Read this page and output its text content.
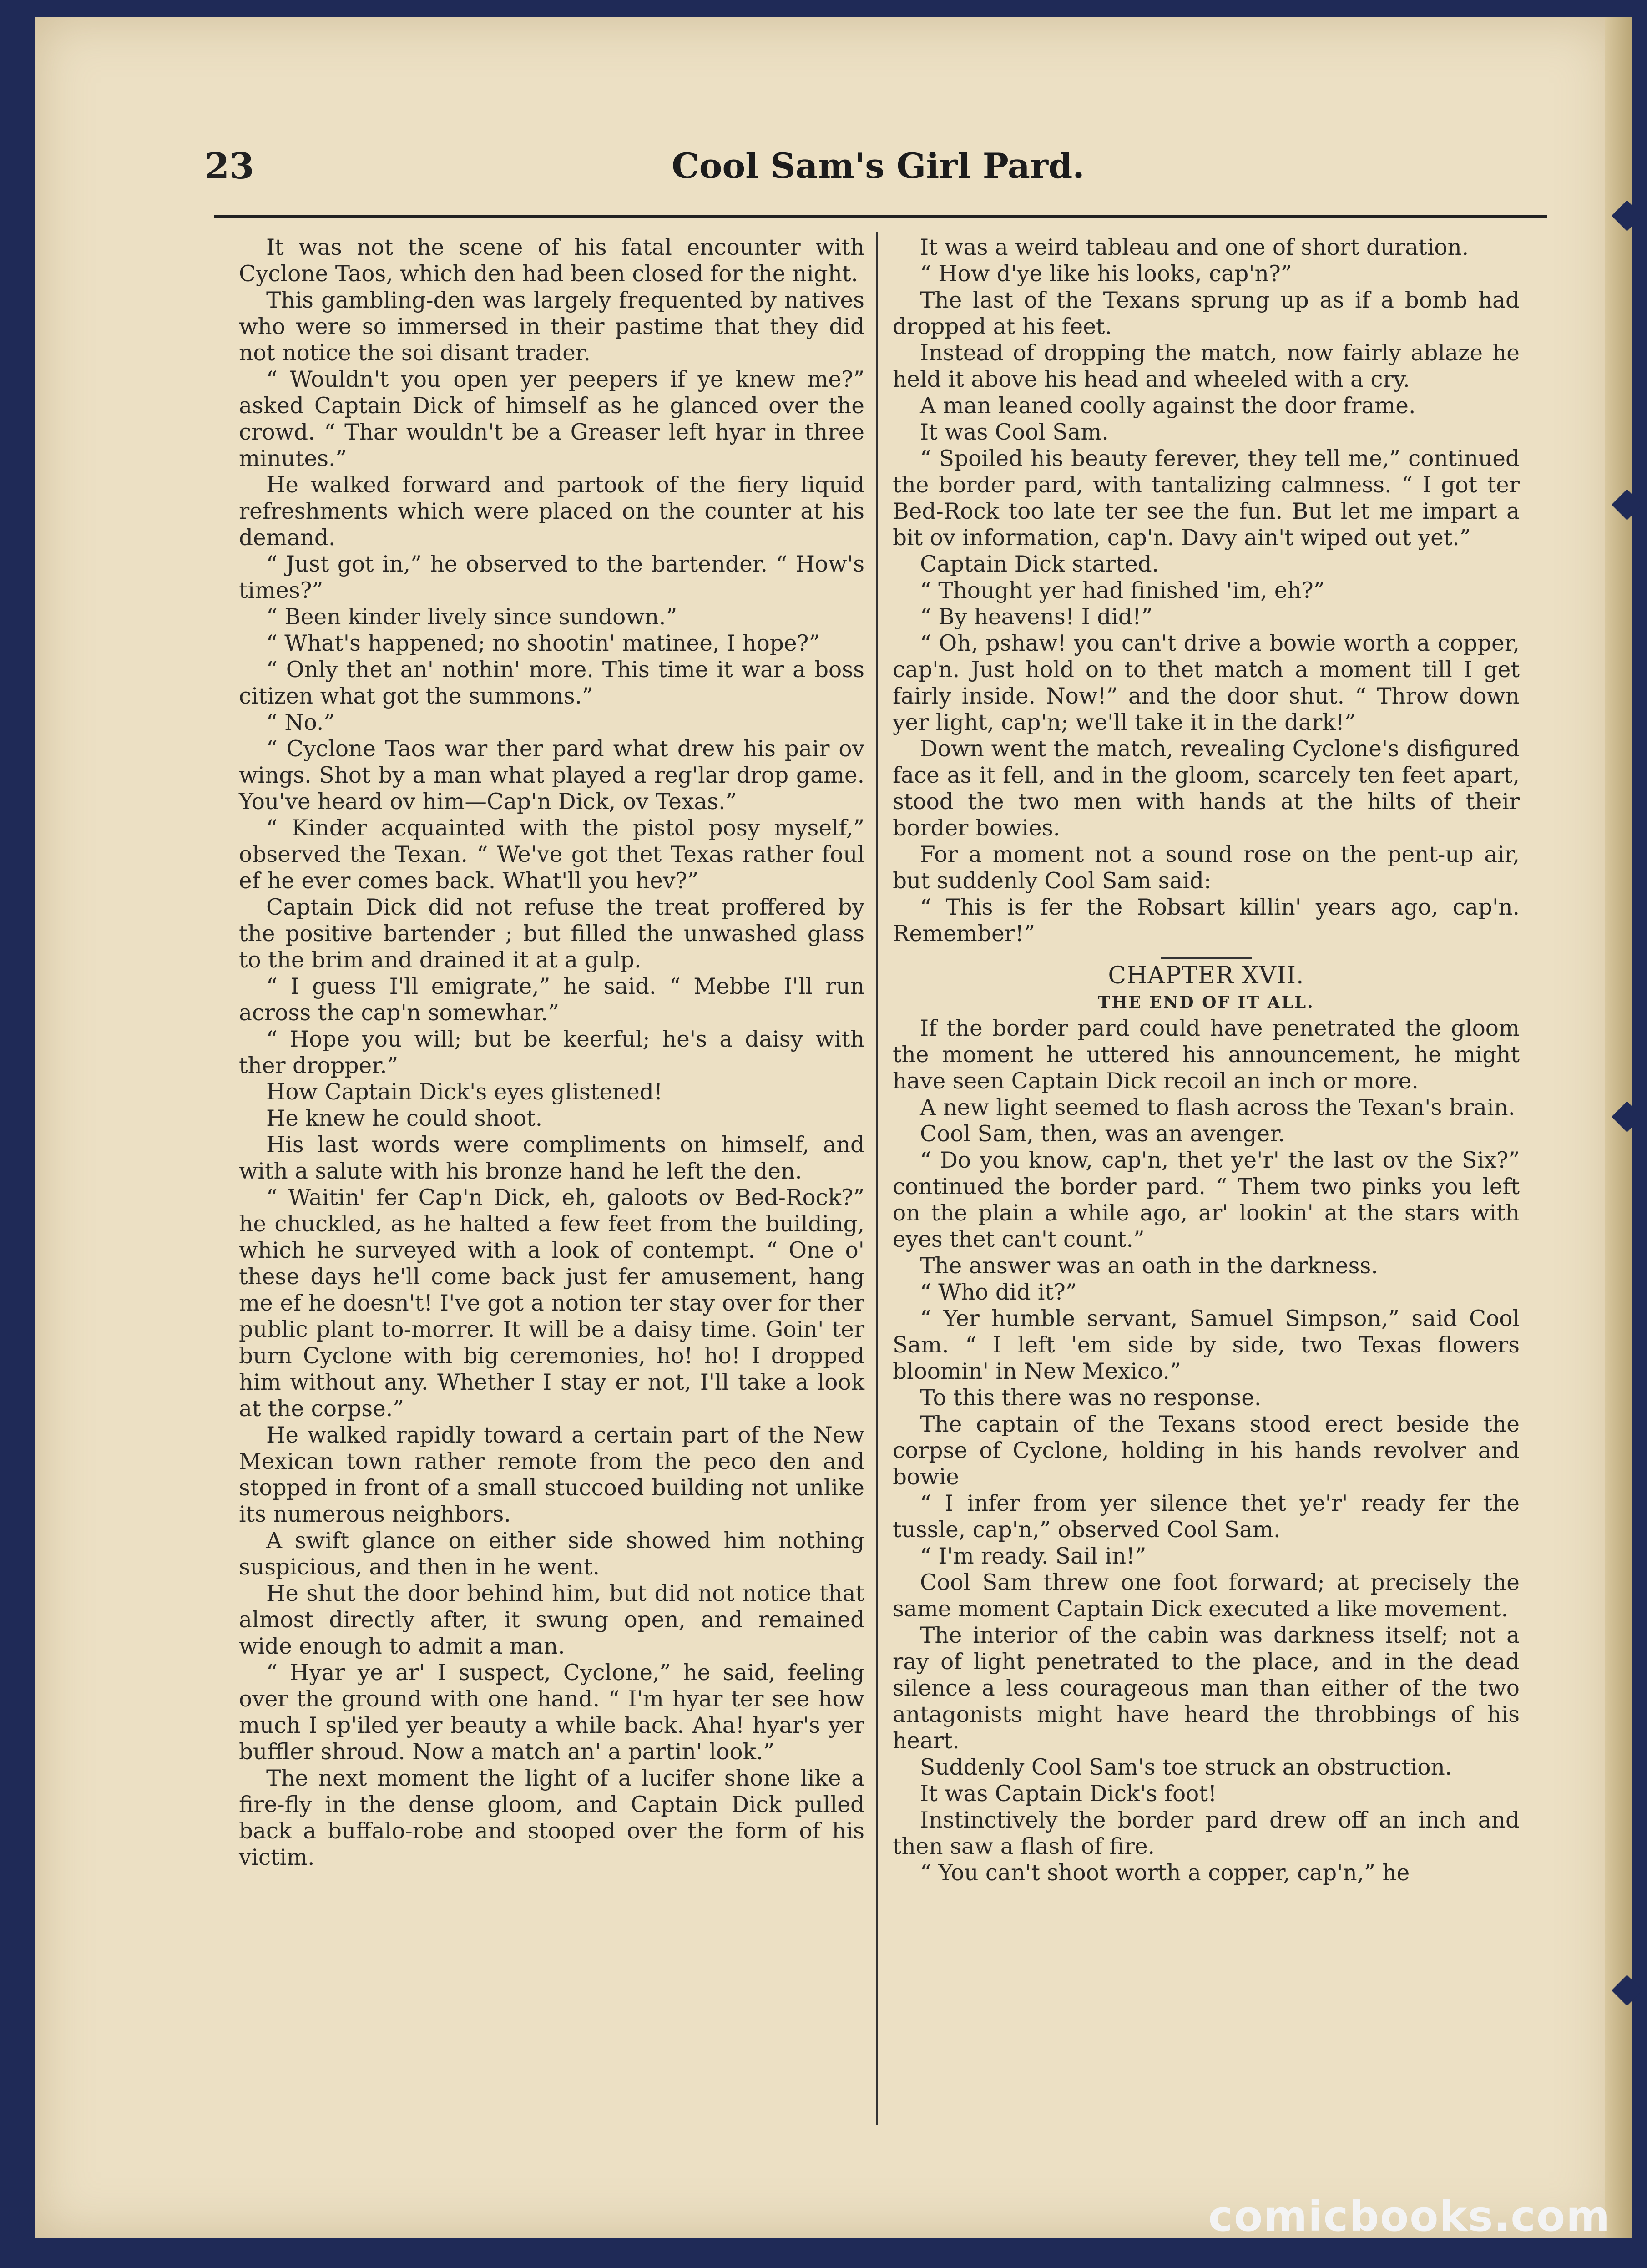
23	Cool Sam's Girl Pard.

It was not the scene of his fatal encounter with Cyclone Taos, which den had been closed for the night.

This gambling-den was largely frequented by natives who were so immersed in their pastime that they did not notice the soi disant trader.

“ Wouldn't you open yer peepers if ye knew me?” asked Captain Dick of himself as he glanced over the crowd. “ Thar wouldn't be a Greaser left hyar in three minutes.”

He walked forward and partook of the fiery liquid refreshments which were placed on the counter at his demand.

“ Just got in,” he observed to the bartender. “ How's times?”

“ Been kinder lively since sundown.”

“ What's happened; no shootin' matinee, I hope?”

“ Only thet an' nothin' more. This time it war a boss citizen what got the summons.”

“ No.”

“ Cyclone Taos war ther pard what drew his pair ov wings. Shot by a man what played a reg'lar drop game. You've heard ov him—Cap'n Dick, ov Texas.”

“ Kinder acquainted with the pistol posy myself,” observed the Texan. “ We've got thet Texas rather foul ef he ever comes back. What'll you hev?”

Captain Dick did not refuse the treat proffered by the positive bartender ; but filled the unwashed glass to the brim and drained it at a gulp.

“ I guess I'll emigrate,” he said. “ Mebbe I'll run across the cap'n somewhar.”

“ Hope you will; but be keerful; he's a daisy with ther dropper.”

How Captain Dick's eyes glistened!

He knew he could shoot.

His last words were compliments on himself, and with a salute with his bronze hand he left the den.

“ Waitin' fer Cap'n Dick, eh, galoots ov Bed-Rock?” he chuckled, as he halted a few feet from the building, which he surveyed with a look of contempt. “ One o' these days he'll come back just fer amusement, hang me ef he doesn't! I've got a notion ter stay over for ther public plant to-morrer. It will be a daisy time. Goin' ter burn Cyclone with big ceremonies, ho! ho! I dropped him without any. Whether I stay er not, I'll take a look at the corpse.”

He walked rapidly toward a certain part of the New Mexican town rather remote from the peco den and stopped in front of a small stuccoed building not unlike its numerous neighbors.

A swift glance on either side showed him nothing suspicious, and then in he went.

He shut the door behind him, but did not notice that almost directly after, it swung open, and remained wide enough to admit a man.

“ Hyar ye ar' I suspect, Cyclone,” he said, feeling over the ground with one hand. “ I'm hyar ter see how much I sp'iled yer beauty a while back. Aha! hyar's yer buffler shroud. Now a match an' a partin' look.”

The next moment the light of a lucifer shone like a fire-fly in the dense gloom, and Captain Dick pulled back a buffalo-robe and stooped over the form of his victim.

It was a weird tableau and one of short duration.

“ How d'ye like his looks, cap'n?”

The last of the Texans sprung up as if a bomb had dropped at his feet.

Instead of dropping the match, now fairly ablaze he held it above his head and wheeled with a cry.

A man leaned coolly against the door frame.

It was Cool Sam.

“ Spoiled his beauty ferever, they tell me,” continued the border pard, with tantalizing calmness. “ I got ter Bed-Rock too late ter see the fun. But let me impart a bit ov information, cap'n. Davy ain't wiped out yet.”

Captain Dick started.

“ Thought yer had finished 'im, eh?”

“ By heavens! I did!”

“ Oh, pshaw! you can't drive a bowie worth a copper, cap'n. Just hold on to thet match a moment till I get fairly inside. Now!” and the door shut. “ Throw down yer light, cap'n; we'll take it in the dark!”

Down went the match, revealing Cyclone's disfigured face as it fell, and in the gloom, scarcely ten feet apart, stood the two men with hands at the hilts of their border bowies.

For a moment not a sound rose on the pent-up air, but suddenly Cool Sam said:

“ This is fer the Robsart killin' years ago, cap'n. Remember!”

CHAPTER XVII.

THE END OF IT ALL.

If the border pard could have penetrated the gloom the moment he uttered his announcement, he might have seen Captain Dick recoil an inch or more.

A new light seemed to flash across the Texan's brain.

Cool Sam, then, was an avenger.

“ Do you know, cap'n, thet ye'r' the last ov the Six?” continued the border pard. “ Them two pinks you left on the plain a while ago, ar' lookin' at the stars with eyes thet can't count.”

The answer was an oath in the darkness.

“ Who did it?”

“ Yer humble servant, Samuel Simpson,” said Cool Sam. “ I left 'em side by side, two Texas flowers bloomin' in New Mexico.”

To this there was no response.

The captain of the Texans stood erect beside the corpse of Cyclone, holding in his hands revolver and bowie

“ I infer from yer silence thet ye'r' ready fer the tussle, cap'n,” observed Cool Sam.

“ I'm ready. Sail in!”

Cool Sam threw one foot forward; at precisely the same moment Captain Dick executed a like movement.

The interior of the cabin was darkness itself; not a ray of light penetrated to the place, and in the dead silence a less courageous man than either of the two antagonists might have heard the throbbings of his heart.

Suddenly Cool Sam's toe struck an obstruction.

It was Captain Dick's foot!

Instinctively the border pard drew off an inch and then saw a flash of fire.

“ You can't shoot worth a copper, cap'n,” he

comicbooks.com
